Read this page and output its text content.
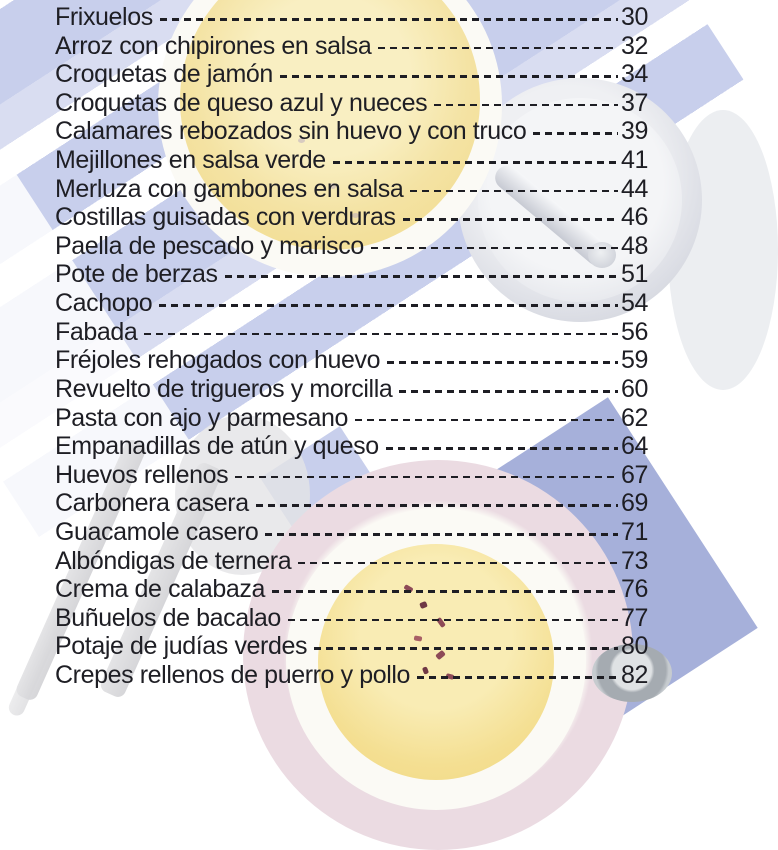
Frixuelos	30
Arroz con chipirones en salsa	32
Croquetas de jamón	34
Croquetas de queso azul y nueces	37
Calamares rebozados sin huevo y con truco	39
Mejillones en salsa verde	41
Merluza con gambones en salsa	44
Costillas guisadas con verduras	46
Paella de pescado y marisco	48
Pote de berzas	51
Cachopo	54
Fabada	56
Fréjoles rehogados con huevo	59
Revuelto de trigueros y morcilla	60
Pasta con ajo y parmesano	62
Empanadillas de atún y queso	64
Huevos rellenos	67
Carbonera casera	69
Guacamole casero	71
Albóndigas de ternera	73
Crema de calabaza	76
Buñuelos de bacalao	77
Potaje de judías verdes	80
Crepes rellenos de puerro y pollo	82
